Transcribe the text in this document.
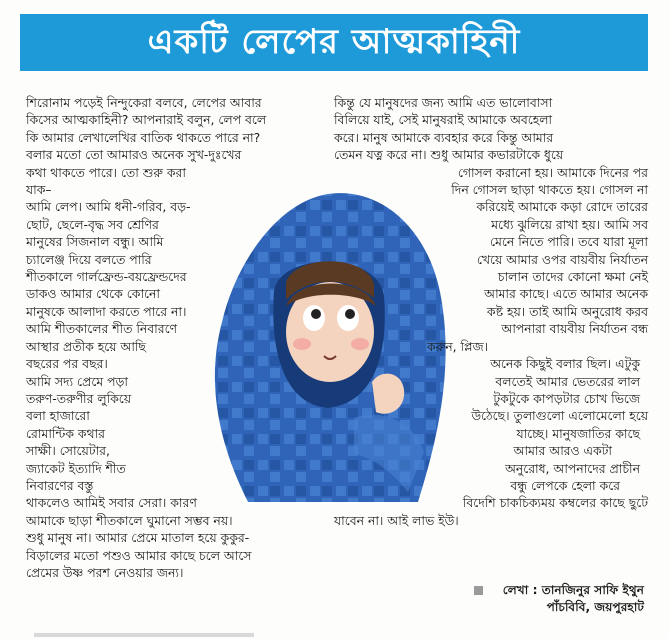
একটি লেপের আত্মকাহিনী
শিরোনাম পড়েই নিন্দুকেরা বলবে, লেপের আবার
কিসের আত্মকাহিনী? আপনারাই বলুন, লেপ বলে
কি আমার লেখালেখির বাতিক থাকতে পারে না?
বলার মতো তো আমারও অনেক সুখ-দুঃখের
কথা থাকতে পারে। তো শুরু করা
যাক–
আমি লেপ। আমি ধনী-গরিব, বড়-
ছোট, ছেলে-বৃদ্ধ সব শ্রেণির
মানুষের সিজনাল বন্ধু। আমি
চ্যালেঞ্জ দিয়ে বলতে পারি
শীতকালে গার্লফ্রেন্ড-বয়ফ্রেন্ডদের
ডাকও আমার থেকে কোনো
মানুষকে আলাদা করতে পারে না।
আমি শীতকালের শীত নিবারণে
আস্থার প্রতীক হয়ে আছি
বছরের পর বছর।
আমি সদ্য প্রেমে পড়া
তরুণ-তরুণীর লুকিয়ে
বলা হাজারো
রোমান্টিক কথার
সাক্ষী। সোয়েটার,
জ্যাকেট ইত্যাদি শীত
নিবারণের বস্তু
থাকলেও আমিই সবার সেরা। কারণ
আমাকে ছাড়া শীতকালে ঘুমানো সম্ভব নয়।
শুধু মানুষ না। আমার প্রেমে মাতাল হয়ে কুকুর-
বিড়ালের মতো পশুও আমার কাছে চলে আসে
প্রেমের উষ্ণ পরশ নেওয়ার জন্য।
কিন্তু যে মানুষদের জন্য আমি এত ভালোবাসা
বিলিয়ে যাই, সেই মানুষরাই আমাকে অবহেলা
করে। মানুষ আমাকে ব্যবহার করে কিন্তু আমার
তেমন যত্ন করে না। শুধু আমার কভারটাকে ধুয়ে
গোসল করানো হয়। আমাকে দিনের পর
দিন গোসল ছাড়া থাকতে হয়। গোসল না
করিয়েই আমাকে কড়া রোদে তারের
মধ্যে ঝুলিয়ে রাখা হয়। আমি সব
মেনে নিতে পারি। তবে যারা মূলা
খেয়ে আমার ওপর বায়বীয় নির্যাতন
চালান তাদের কোনো ক্ষমা নেই
আমার কাছে। এতে আমার অনেক
কষ্ট হয়। তাই আমি অনুরোধ করব
আপনারা বায়বীয় নির্যাতন বন্ধ
করুন, প্লিজ।
অনেক কিছুই বলার ছিল। এটুকু
বলতেই আমার ভেতরের লাল
টুকটুকে কাপড়টার চোখ ভিজে
উঠেছে। তুলাগুলো এলোমেলো হয়ে
যাচ্ছে। মানুষজাতির কাছে
আমার আরও একটা
অনুরোধ, আপনাদের প্রাচীন
বন্ধু লেপকে হেলা করে
বিদেশি চাকচিক্যময় কম্বলের কাছে ছুটে
যাবেন না। আই লাভ ইউ।
লেখা : তানজিনুর সাফি ইথুন
পাঁচবিবি, জয়পুরহাট
